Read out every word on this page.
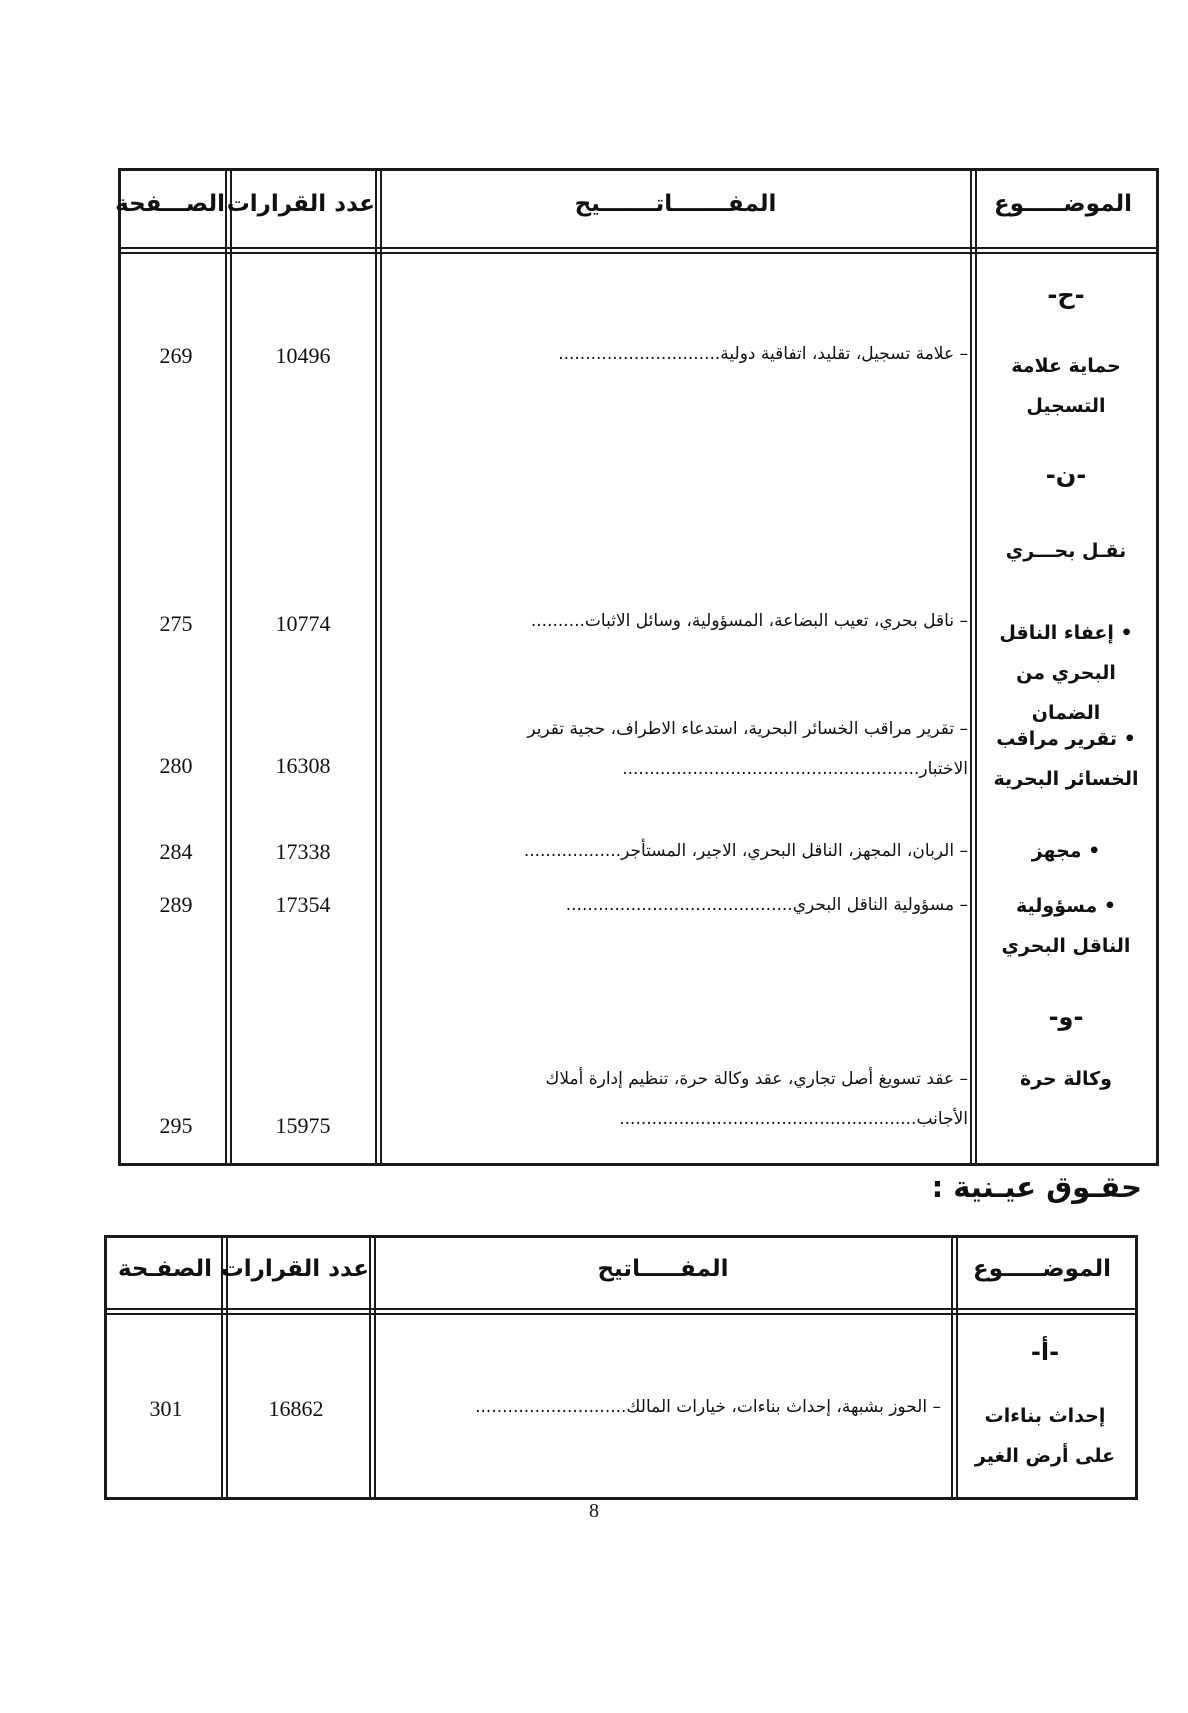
الموضـــــوع
المفـــــــاتـــــــيح
عدد القرارات
الصـــفحة
-ح-
حماية علامة التسجيل
– علامة تسجيل، تقليد، اتفاقية دولية..............................
10496
269
-ن-
نقـل بحـــري
• إعفاء الناقل البحري من الضمان
– ناقل بحري، تعيب البضاعة، المسؤولية، وسائل الاثبات..........
10774
275
• تقرير مراقب الخسائر البحرية
– تقرير مراقب الخسائر البحرية، استدعاء الاطراف، حجية تقرير
الاختبار.......................................................
16308
280
• مجهز
– الربان، المجهز، الناقل البحري، الاجير، المستأجر..................
17338
284
• مسؤولية الناقل البحري
– مسؤولية الناقل البحري..........................................
17354
289
-و-
وكالة حرة
– عقد تسويغ أصل تجاري، عقد وكالة حرة، تنظيم إدارة أملاك
الأجانب.......................................................
15975
295
حقـوق عيـنية :
الموضـــــوع
المفـــــاتيح
عدد القرارات
الصفـحة
-أ-
إحداث بناءات على أرض الغير
– الحوز بشبهة، إحداث بناءات، خيارات المالك............................
16862
301
8
